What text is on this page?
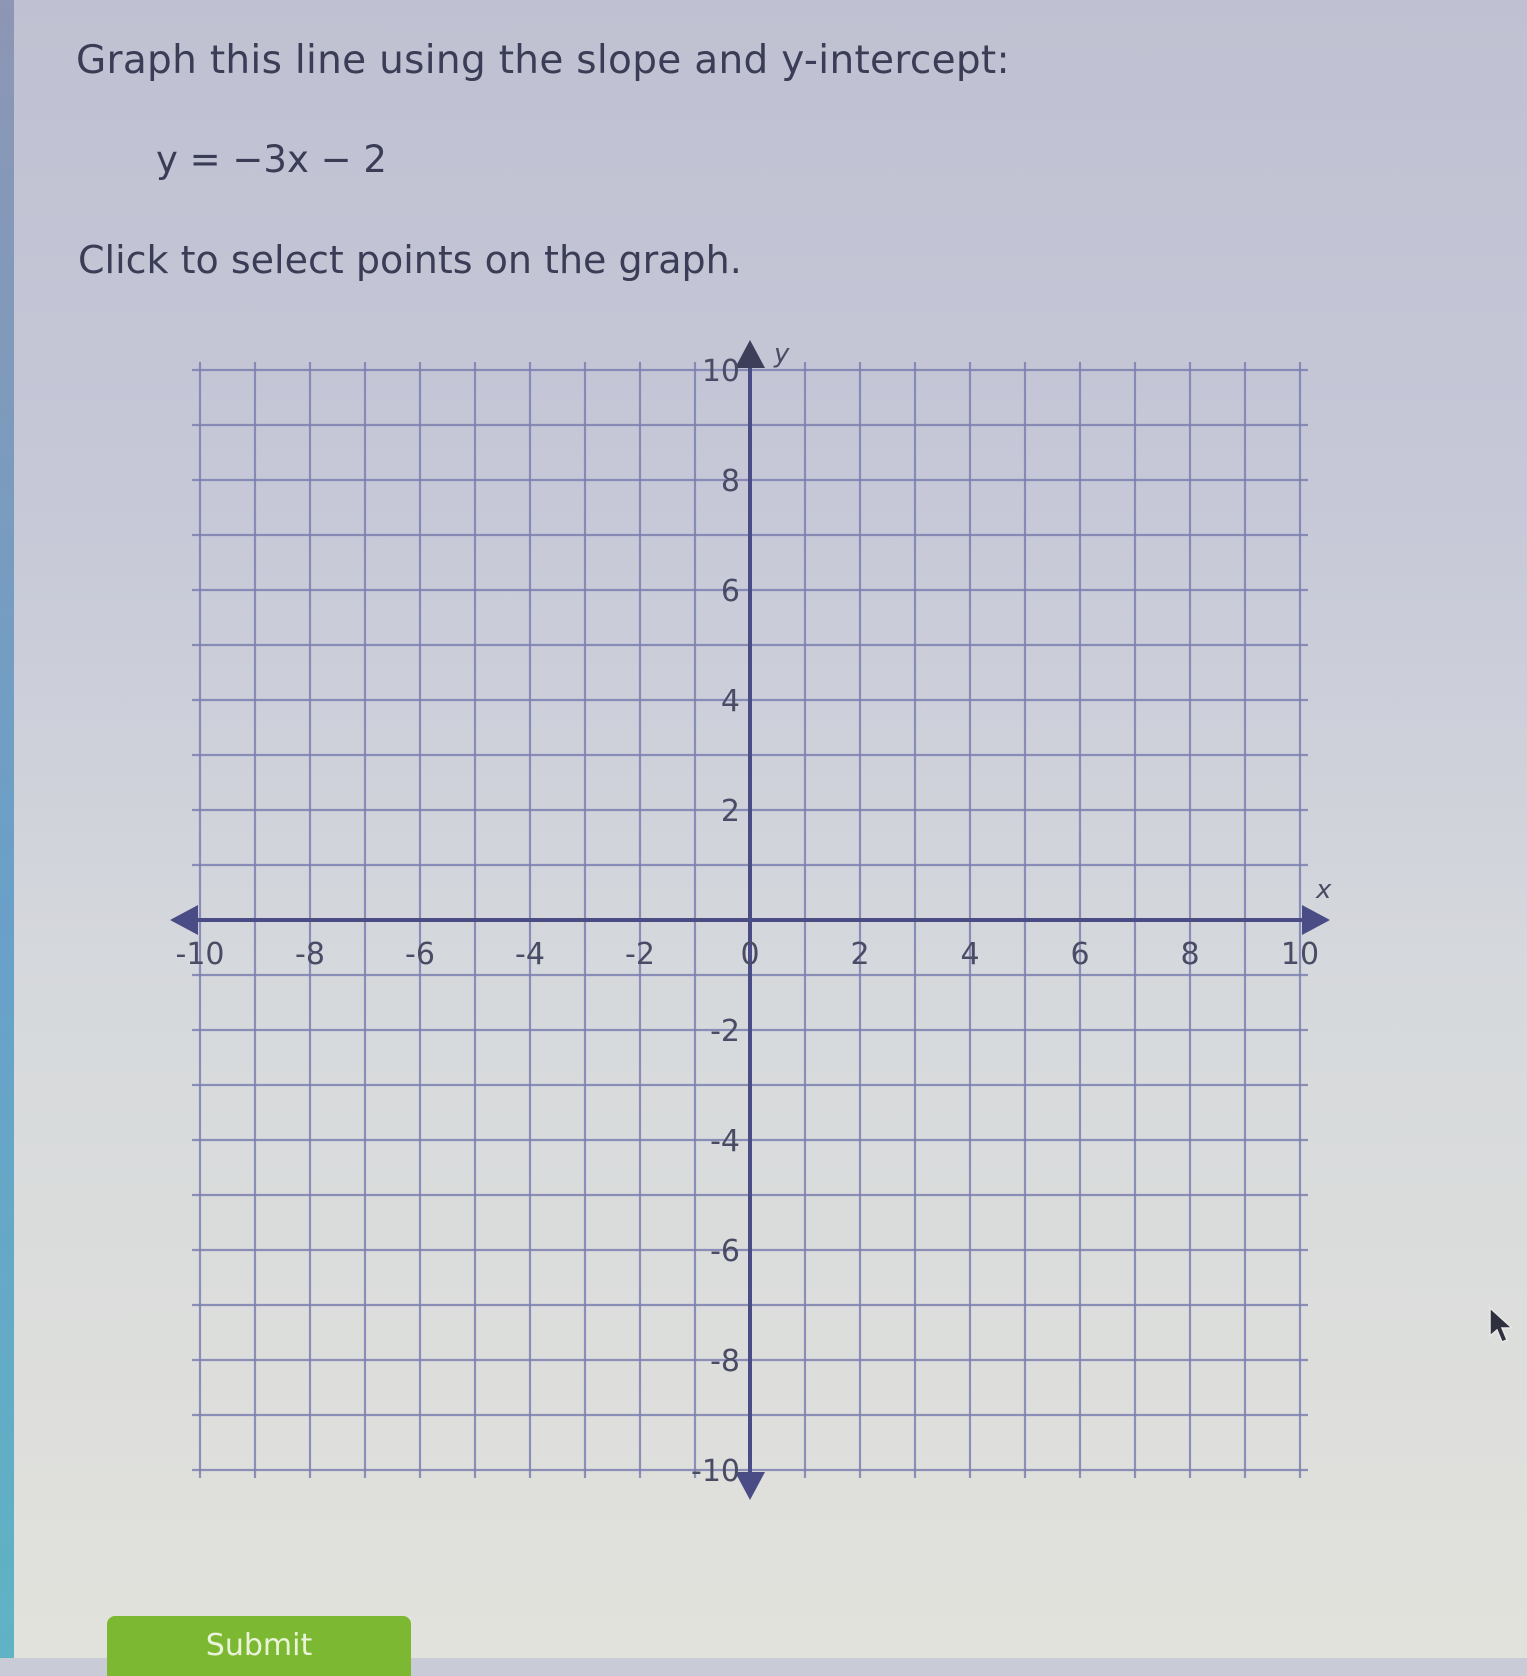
Graph this line using the slope and y-intercept:
y = −3x − 2
Click to select points on the graph.
x
y
-10 -8	-6	-4	-2	0	2	4	6	8	10
10
8
6
4
2
-2
-4
-6
-8
-10
Submit
